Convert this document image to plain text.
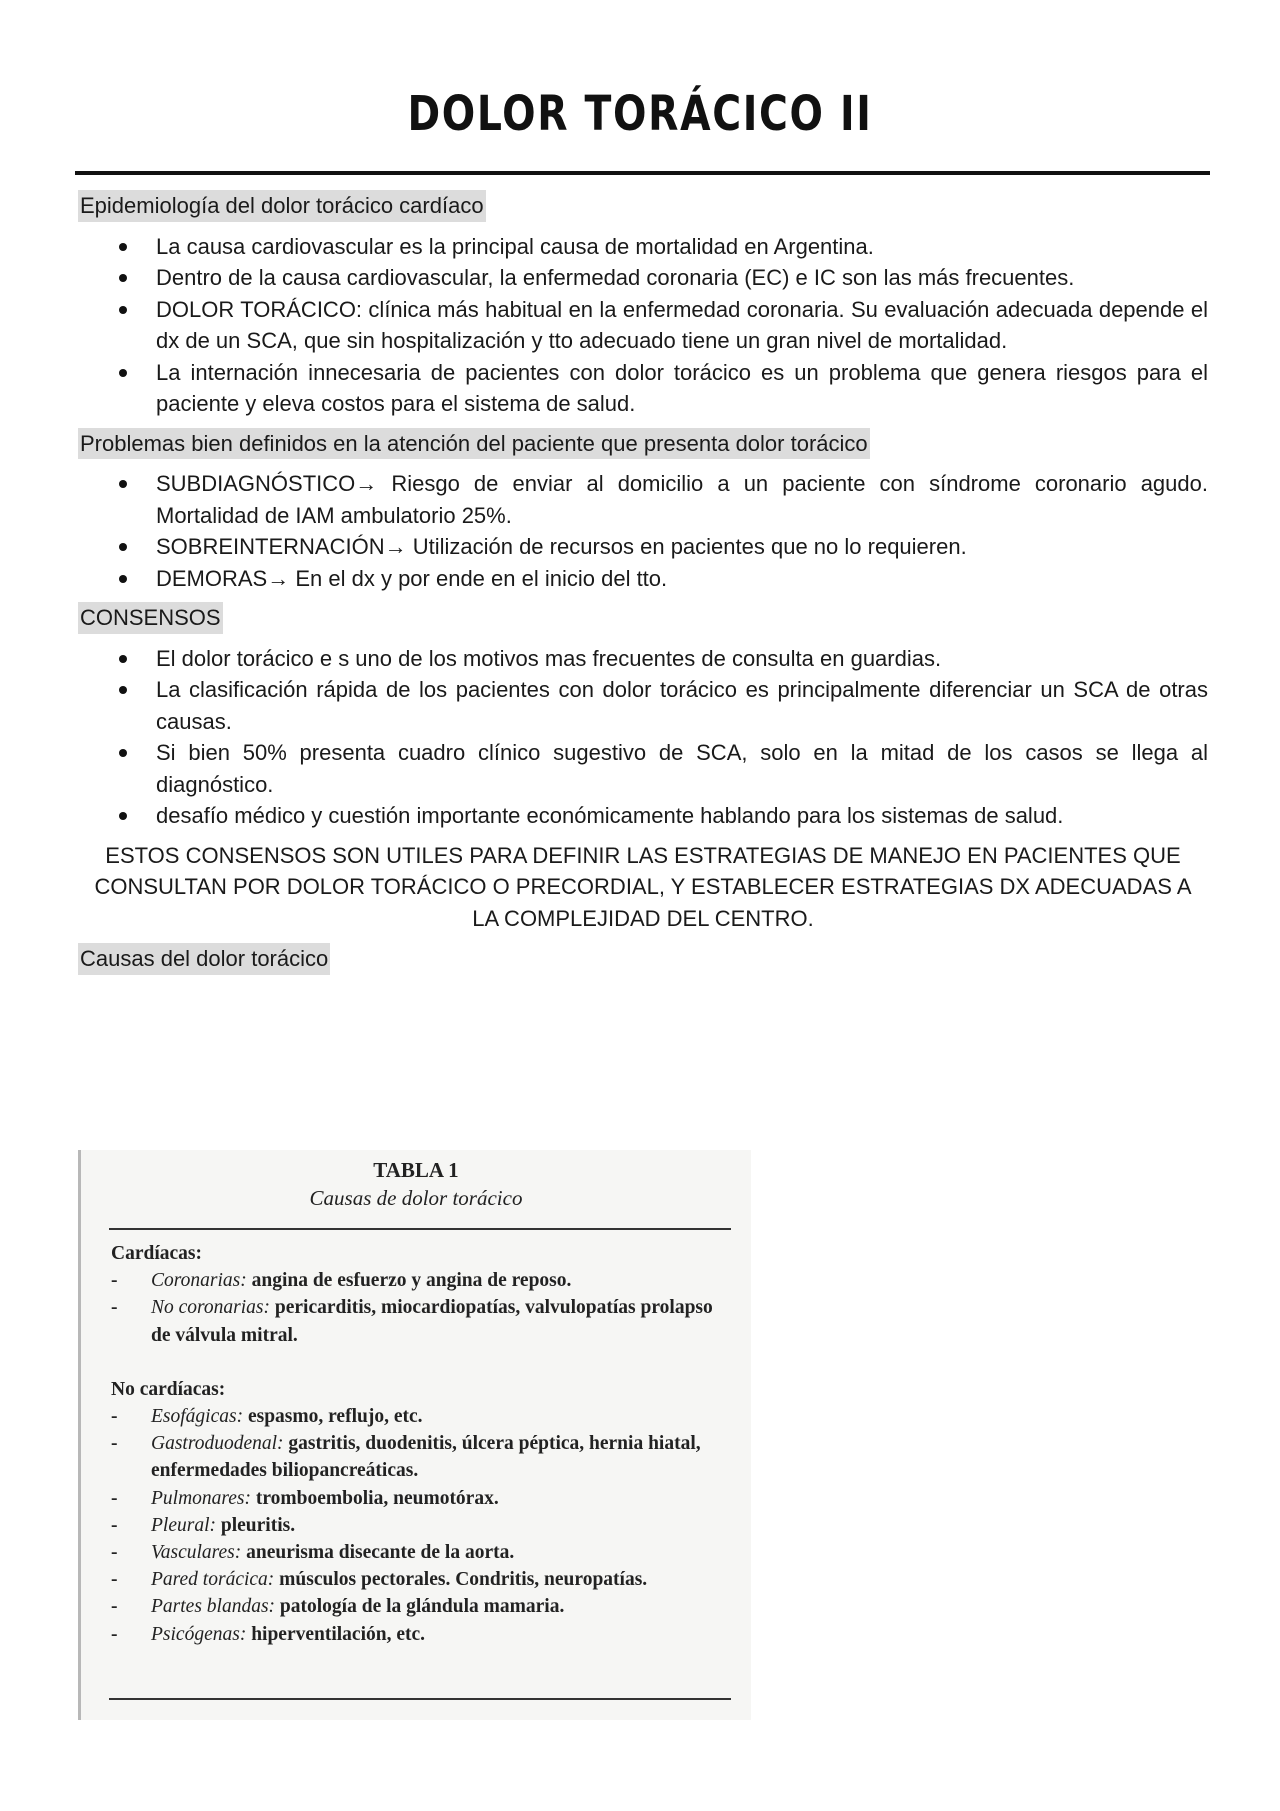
DOLOR TORÁCICO II
Epidemiología del dolor torácico cardíaco
La causa cardiovascular es la principal causa de mortalidad en Argentina.
Dentro de la causa cardiovascular, la enfermedad coronaria (EC) e IC son las más frecuentes.
DOLOR TORÁCICO: clínica más habitual en la enfermedad coronaria. Su evaluación adecuada depende el dx de un SCA, que sin hospitalización y tto adecuado tiene un gran nivel de mortalidad.
La internación innecesaria de pacientes con dolor torácico es un problema que genera riesgos para el paciente y eleva costos para el sistema de salud.
Problemas bien definidos en la atención del paciente que presenta dolor torácico
SUBDIAGNÓSTICO→ Riesgo de enviar al domicilio a un paciente con síndrome coronario agudo. Mortalidad de IAM ambulatorio 25%.
SOBREINTERNACIÓN→ Utilización de recursos en pacientes que no lo requieren.
DEMORAS→ En el dx y por ende en el inicio del tto.
CONSENSOS
El dolor torácico e s uno de los motivos mas frecuentes de consulta en guardias.
La clasificación rápida de los pacientes con dolor torácico es principalmente diferenciar un SCA de otras causas.
Si bien 50% presenta cuadro clínico sugestivo de SCA, solo en la mitad de los casos se llega al diagnóstico.
desafío médico y cuestión importante económicamente hablando para los sistemas de salud.
ESTOS CONSENSOS SON UTILES PARA DEFINIR LAS ESTRATEGIAS DE MANEJO EN PACIENTES QUE CONSULTAN POR DOLOR TORÁCICO O PRECORDIAL, Y ESTABLECER ESTRATEGIAS DX ADECUADAS A LA COMPLEJIDAD DEL CENTRO.
Causas del dolor torácico
TABLA 1
Causas de dolor torácico
Cardíacas:
- Coronarias: angina de esfuerzo y angina de reposo.
- No coronarias: pericarditis, miocardiopatías, valvulopatías prolapso de válvula mitral.
No cardíacas:
- Esofágicas: espasmo, reflujo, etc.
- Gastroduodenal: gastritis, duodenitis, úlcera péptica, hernia hiatal, enfermedades biliopancreáticas.
- Pulmonares: tromboembolia, neumotórax.
- Pleural: pleuritis.
- Vasculares: aneurisma disecante de la aorta.
- Pared torácica: músculos pectorales. Condritis, neuropatías.
- Partes blandas: patología de la glándula mamaria.
- Psicógenas: hiperventilación, etc.
